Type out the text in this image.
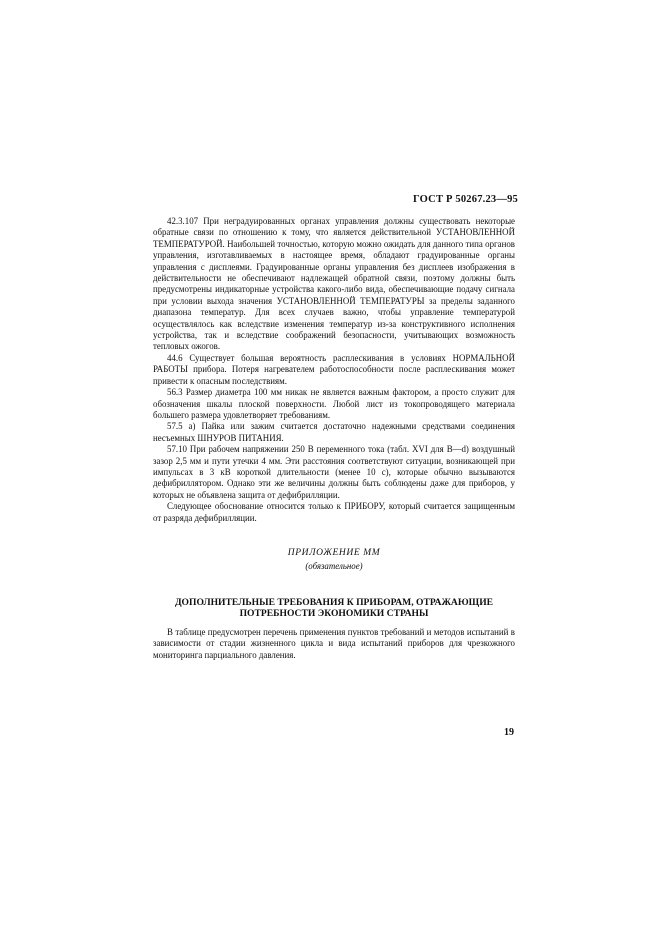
ГОСТ Р 50267.23—95

42.3.107 При неградуированных органах управления должны существовать некоторые обратные связи по отношению к тому, что является действительной УСТАНОВЛЕННОЙ ТЕМПЕРАТУРОЙ. Наибольшей точностью, которую можно ожидать для данного типа органов управления, изготавливаемых в настоящее время, обладают градуированные органы управления с дисплеями. Градуированные органы управления без дисплеев изображения в действительности не обеспечивают надлежащей обратной связи, поэтому должны быть предусмотрены индикаторные устройства какого-либо вида, обеспечивающие подачу сигнала при условии выхода значения УСТАНОВЛЕННОЙ ТЕМПЕРАТУРЫ за пределы заданного диапазона температур. Для всех случаев важно, чтобы управление температурой осуществлялось как вследствие изменения температур из-за конструктивного исполнения устройства, так и вследствие соображений безопасности, учитывающих возможность тепловых ожогов.

44.6 Существует большая вероятность расплескивания в условиях НОРМАЛЬНОЙ РАБОТЫ прибора. Потеря нагревателем работоспособности после расплескивания может привести к опасным последствиям.

56.3 Размер диаметра 100 мм никак не является важным фактором, а просто служит для обозначения шкалы плоской поверхности. Любой лист из токопроводящего материала большего размера удовлетворяет требованиям.

57.5 а) Пайка или зажим считается достаточно надежными средствами соединения несъемных ШНУРОВ ПИТАНИЯ.

57.10 При рабочем напряжении 250 В переменного тока (табл. XVI для В—d) воздушный зазор 2,5 мм и пути утечки 4 мм. Эти расстояния соответствуют ситуации, возникающей при импульсах в 3 кВ короткой длительности (менее 10 с), которые обычно вызываются дефибриллятором. Однако эти же величины должны быть соблюдены даже для приборов, у которых не объявлена защита от дефибрилляции.

Следующее обоснование относится только к ПРИБОРУ, который считается защищенным от разряда дефибрилляции.

ПРИЛОЖЕНИЕ ММ
(обязательное)
ДОПОЛНИТЕЛЬНЫЕ ТРЕБОВАНИЯ К ПРИБОРАМ, ОТРАЖАЮЩИЕ
ПОТРЕБНОСТИ ЭКОНОМИКИ СТРАНЫ

В таблице предусмотрен перечень применения пунктов требований и методов испытаний в зависимости от стадии жизненного цикла и вида испытаний приборов для чрезкожного мониторинга парциального давления.

19
